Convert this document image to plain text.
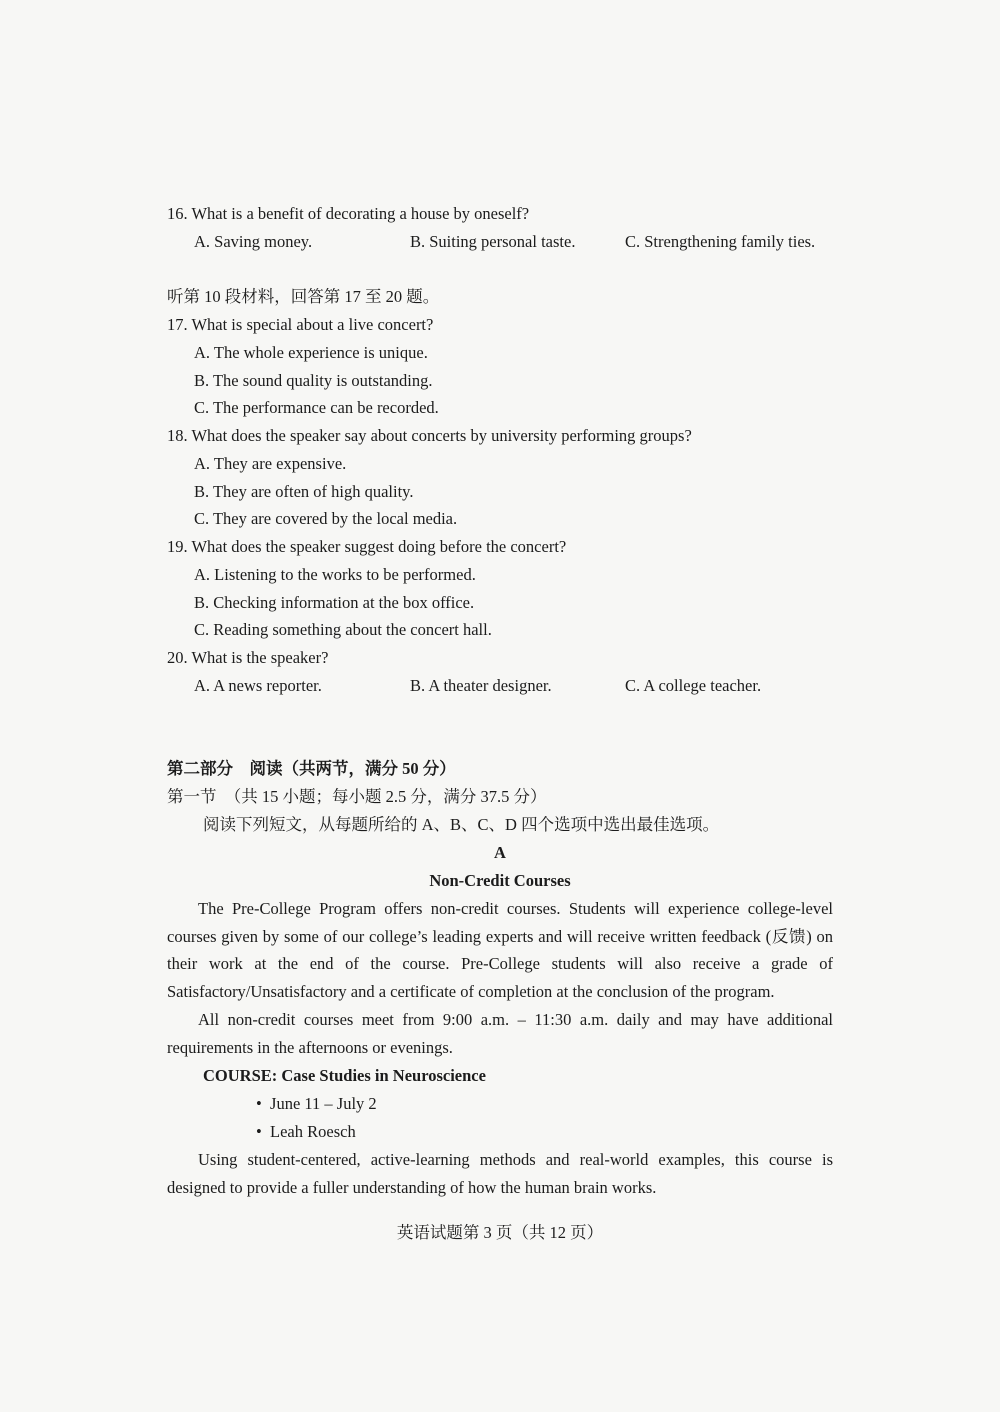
16. What is a benefit of decorating a house by oneself?
A. Saving money.	B. Suiting personal taste.	C. Strengthening family ties.
听第 10 段材料，回答第 17 至 20 题。
17. What is special about a live concert?
A. The whole experience is unique.
B. The sound quality is outstanding.
C. The performance can be recorded.
18. What does the speaker say about concerts by university performing groups?
A. They are expensive.
B. They are often of high quality.
C. They are covered by the local media.
19. What does the speaker suggest doing before the concert?
A. Listening to the works to be performed.
B. Checking information at the box office.
C. Reading something about the concert hall.
20. What is the speaker?
A. A news reporter.	B. A theater designer.	C. A college teacher.
第二部分　阅读（共两节，满分 50 分）
第一节　（共 15 小题；每小题 2.5 分，满分 37.5 分）
阅读下列短文，从每题所给的 A、B、C、D 四个选项中选出最佳选项。
A
Non-Credit Courses
The Pre-College Program offers non-credit courses. Students will experience college-level courses given by some of our college’s leading experts and will receive written feedback (反馈) on their work at the end of the course. Pre-College students will also receive a grade of Satisfactory/Unsatisfactory and a certificate of completion at the conclusion of the program.
All non-credit courses meet from 9:00 a.m. – 11:30 a.m. daily and may have additional requirements in the afternoons or evenings.
COURSE: Case Studies in Neuroscience
• June 11 – July 2
• Leah Roesch
Using student-centered, active-learning methods and real-world examples, this course is designed to provide a fuller understanding of how the human brain works.
英语试题第 3 页（共 12 页）
